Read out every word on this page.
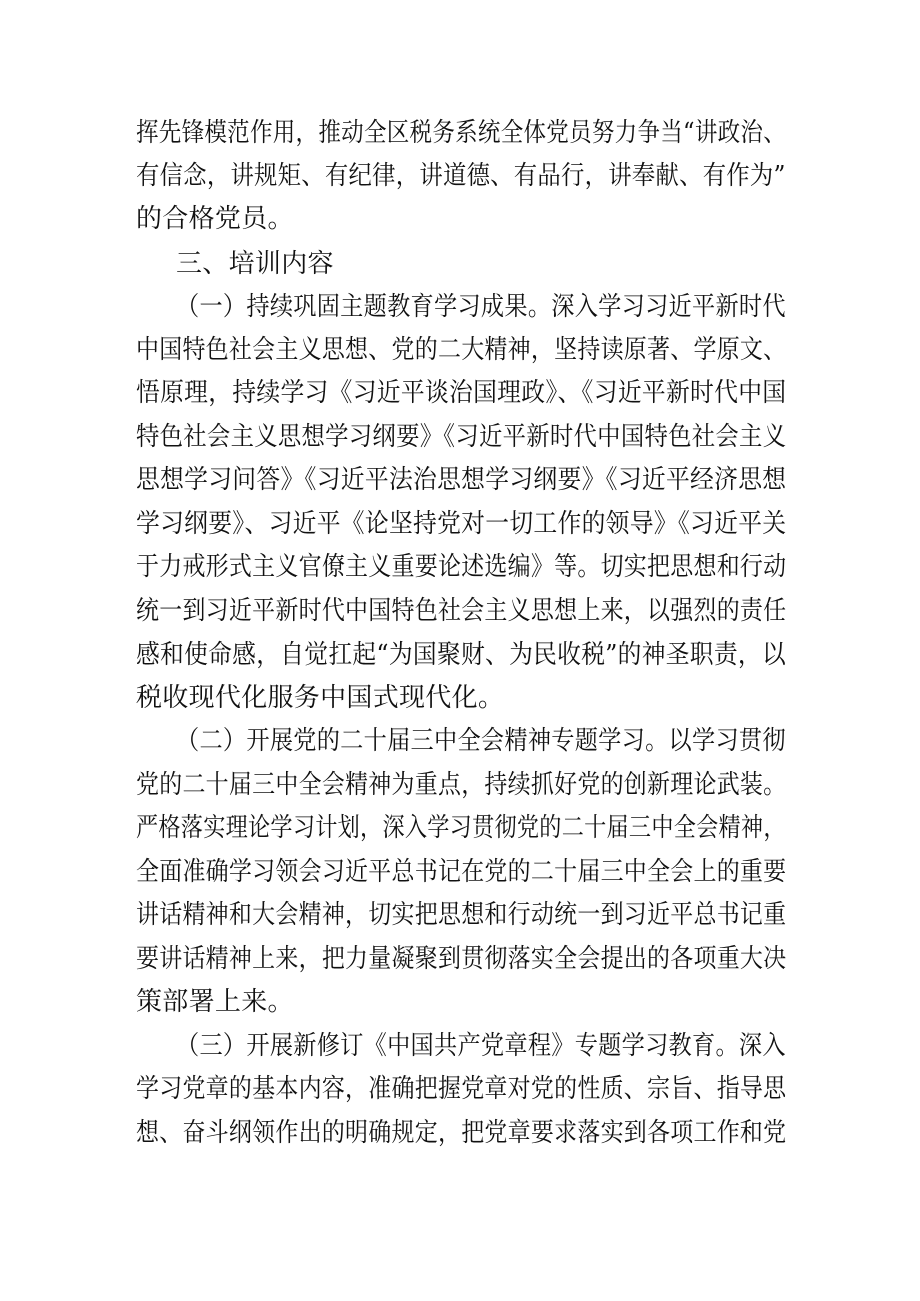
挥先锋模范作用，推动全区税务系统全体党员努力争当“讲政治、
有信念，讲规矩、有纪律，讲道德、有品行，讲奉献、有作为”
的合格党员。
三、培训内容
（一）持续巩固主题教育学习成果。深入学习习近平新时代
中国特色社会主义思想、党的二大精神，坚持读原著、学原文、
悟原理，持续学习《习近平谈治国理政》、《习近平新时代中国
特色社会主义思想学习纲要》《习近平新时代中国特色社会主义
思想学习问答》《习近平法治思想学习纲要》《习近平经济思想
学习纲要》、习近平《论坚持党对一切工作的领导》《习近平关
于力戒形式主义官僚主义重要论述选编》等。切实把思想和行动
统一到习近平新时代中国特色社会主义思想上来，以强烈的责任
感和使命感，自觉扛起“为国聚财、为民收税”的神圣职责，以
税收现代化服务中国式现代化。
（二）开展党的二十届三中全会精神专题学习。以学习贯彻
党的二十届三中全会精神为重点，持续抓好党的创新理论武装。
严格落实理论学习计划，深入学习贯彻党的二十届三中全会精神，
全面准确学习领会习近平总书记在党的二十届三中全会上的重要
讲话精神和大会精神，切实把思想和行动统一到习近平总书记重
要讲话精神上来，把力量凝聚到贯彻落实全会提出的各项重大决
策部署上来。
（三）开展新修订《中国共产党章程》专题学习教育。深入
学习党章的基本内容，准确把握党章对党的性质、宗旨、指导思
想、奋斗纲领作出的明确规定，把党章要求落实到各项工作和党
